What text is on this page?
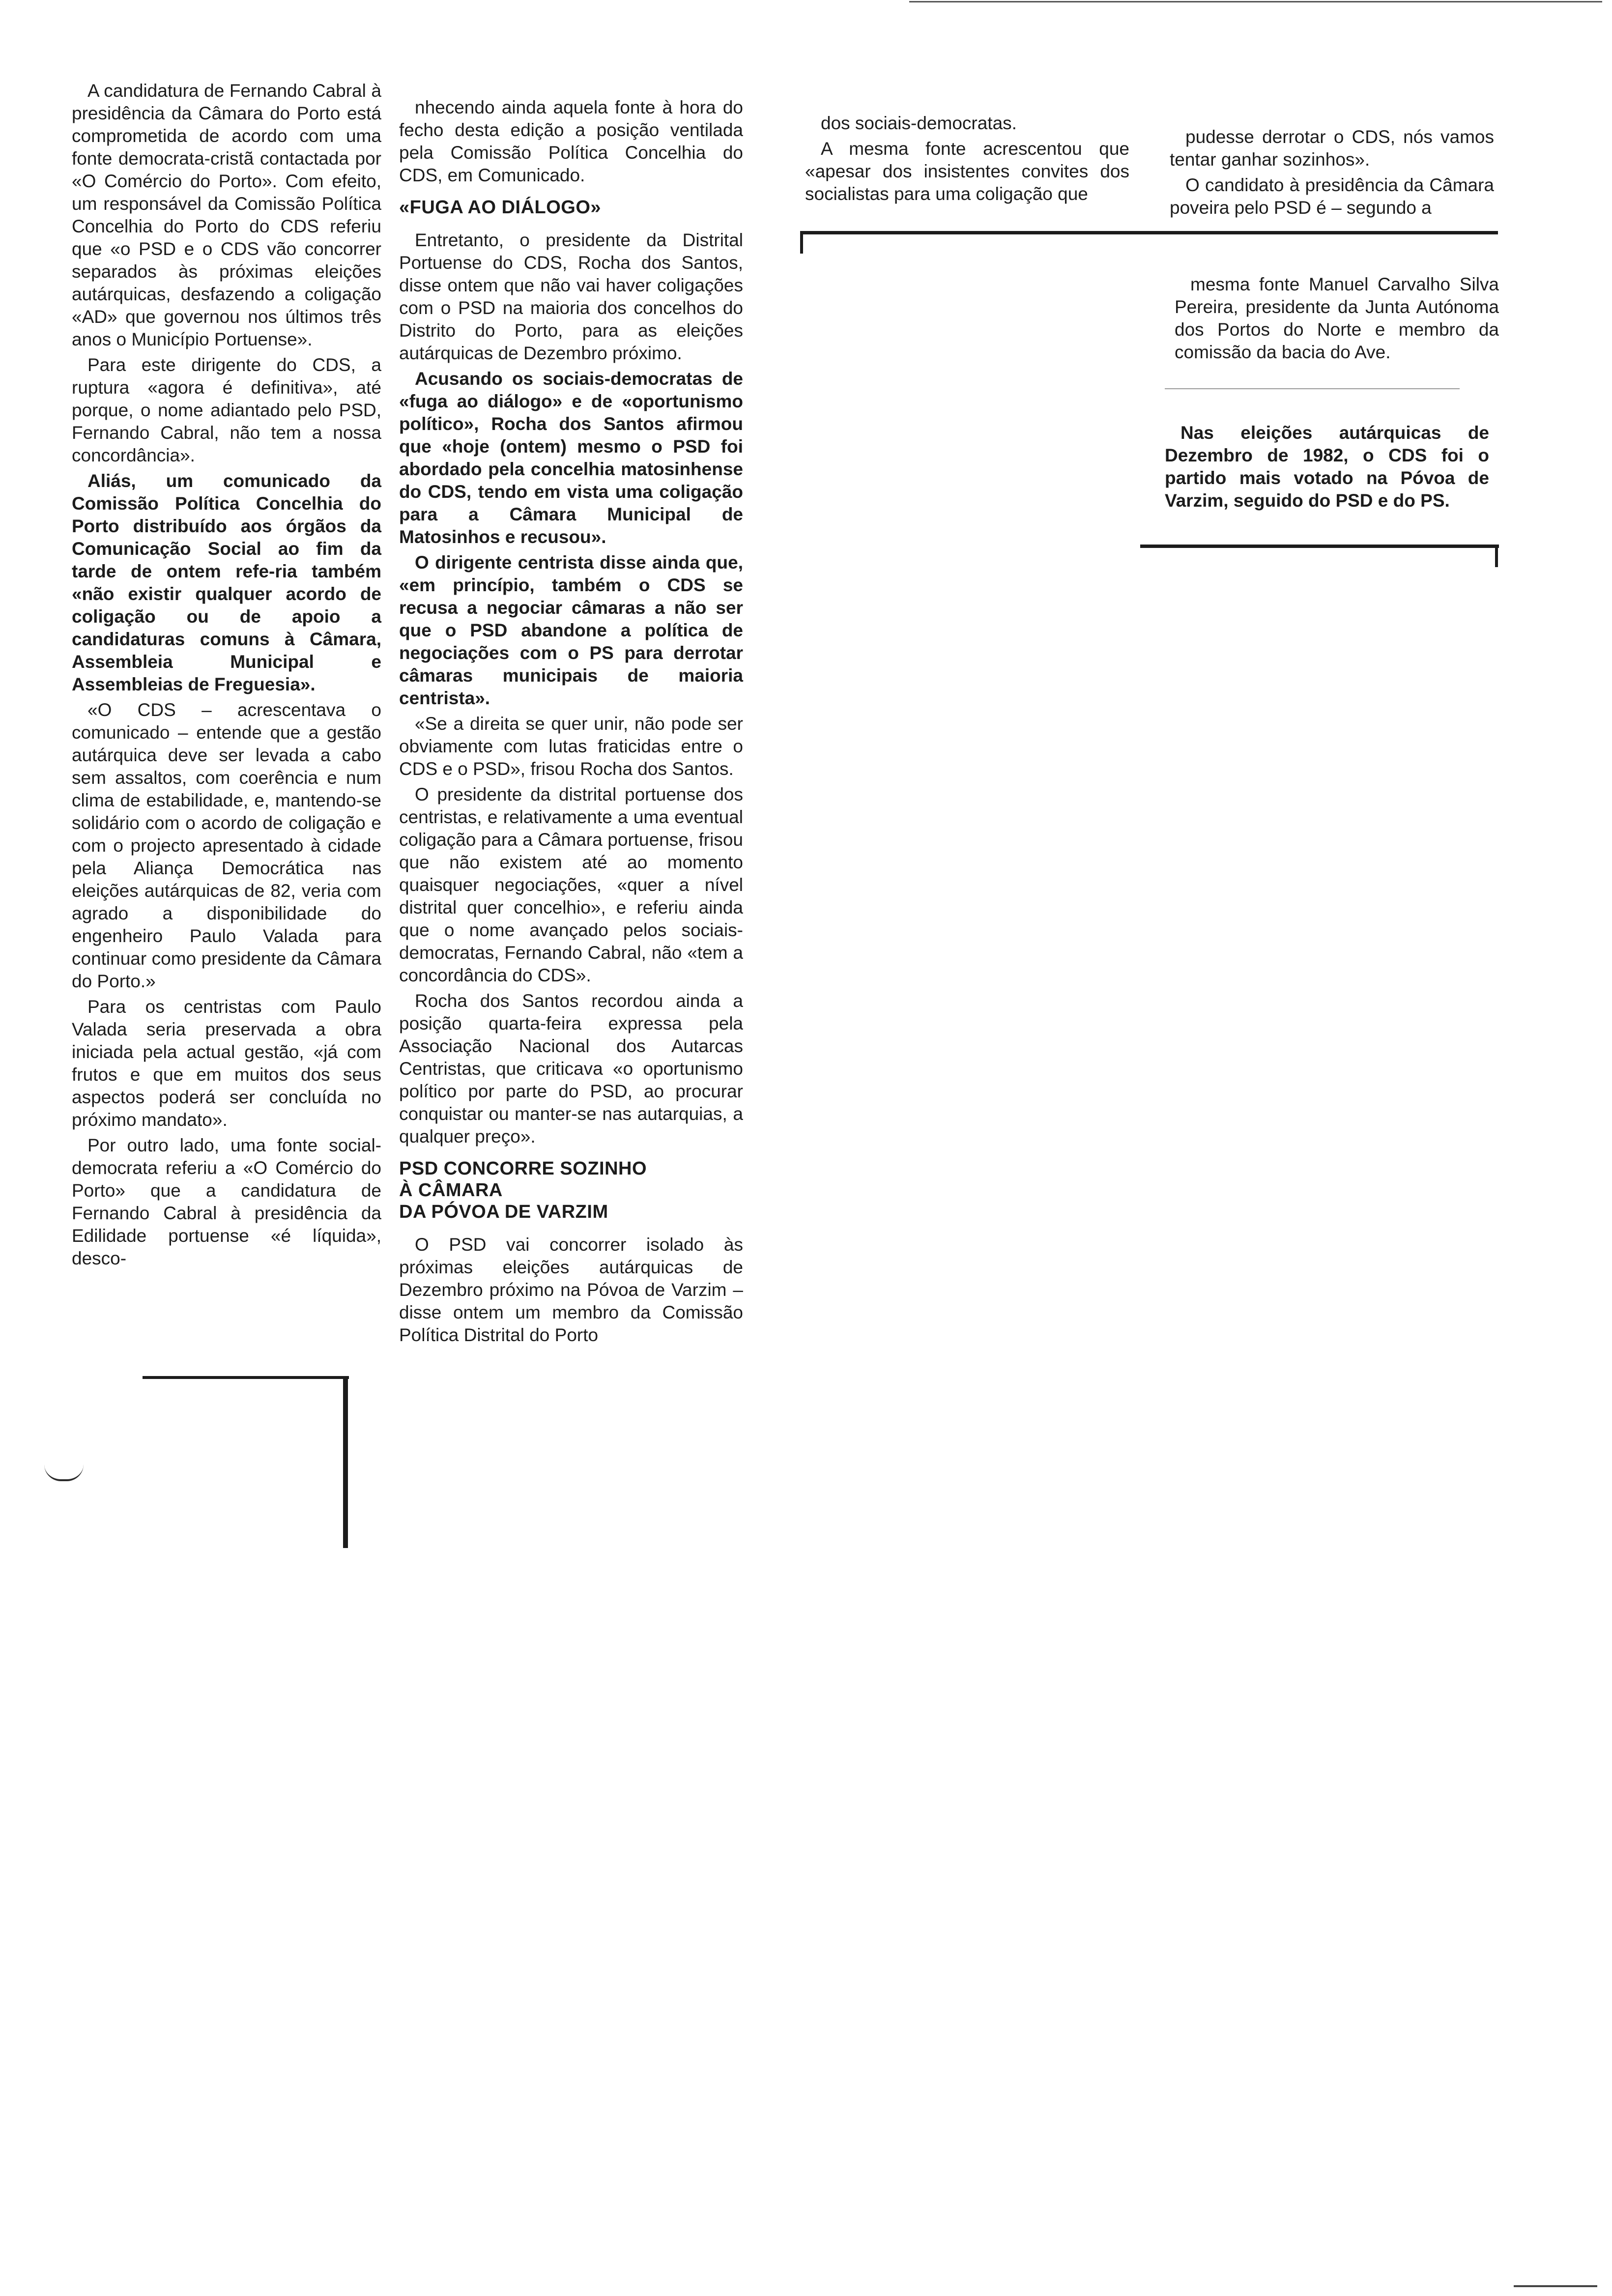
A candidatura de Fernando Cabral à presidência da Câmara do Porto está comprometida de acordo com uma fonte democrata-cristã contactada por «O Comércio do Porto». Com efeito, um responsável da Comissão Política Concelhia do Porto do CDS referiu que «o PSD e o CDS vão concorrer separados às próximas eleições autárquicas, desfazendo a coligação «AD» que governou nos últimos três anos o Município Portuense».

Para este dirigente do CDS, a ruptura «agora é definitiva», até porque, o nome adiantado pelo PSD, Fernando Cabral, não tem a nossa concordância».

Aliás, um comunicado da Comissão Política Concelhia do Porto distribuído aos órgãos da Comunicação Social ao fim da tarde de ontem refe-ria também «não existir qualquer acordo de coligação ou de apoio a candidaturas comuns à Câmara, Assembleia Municipal e Assembleias de Freguesia».

«O CDS – acrescentava o comunicado – entende que a gestão autárquica deve ser levada a cabo sem assaltos, com coerência e num clima de estabilidade, e, mantendo-se solidário com o acordo de coligação e com o projecto apresentado à cidade pela Aliança Democrática nas eleições autárquicas de 82, veria com agrado a disponibilidade do engenheiro Paulo Valada para continuar como presidente da Câmara do Porto.»

Para os centristas com Paulo Valada seria preservada a obra iniciada pela actual gestão, «já com frutos e que em muitos dos seus aspectos poderá ser concluída no próximo mandato».

Por outro lado, uma fonte social-democrata referiu a «O Comércio do Porto» que a candidatura de Fernando Cabral à presidência da Edilidade portuense «é líquida», desco-

nhecendo ainda aquela fonte à hora do fecho desta edição a posição ventilada pela Comissão Política Concelhia do CDS, em Comunicado.

«FUGA AO DIÁLOGO»

Entretanto, o presidente da Distrital Portuense do CDS, Rocha dos Santos, disse ontem que não vai haver coligações com o PSD na maioria dos concelhos do Distrito do Porto, para as eleições autárquicas de Dezembro próximo.

Acusando os sociais-democratas de «fuga ao diálogo» e de «oportunismo político», Rocha dos Santos afirmou que «hoje (ontem) mesmo o PSD foi abordado pela concelhia matosinhense do CDS, tendo em vista uma coligação para a Câmara Municipal de Matosinhos e recusou».

O dirigente centrista disse ainda que, «em princípio, também o CDS se recusa a negociar câmaras a não ser que o PSD abandone a política de negociações com o PS para derrotar câmaras municipais de maioria centrista».

«Se a direita se quer unir, não pode ser obviamente com lutas fraticidas entre o CDS e o PSD», frisou Rocha dos Santos.

O presidente da distrital portuense dos centristas, e relativamente a uma eventual coligação para a Câmara portuense, frisou que não existem até ao momento quaisquer negociações, «quer a nível distrital quer concelhio», e referiu ainda que o nome avançado pelos sociais-democratas, Fernando Cabral, não «tem a concordância do CDS».

Rocha dos Santos recordou ainda a posição quarta-feira expressa pela Associação Nacional dos Autarcas Centristas, que criticava «o oportunismo político por parte do PSD, ao procurar conquistar ou manter-se nas autarquias, a qualquer preço».

PSD CONCORRE SOZINHO
À CÂMARA
DA PÓVOA DE VARZIM

O PSD vai concorrer isolado às próximas eleições autárquicas de Dezembro próximo na Póvoa de Varzim – disse ontem um membro da Comissão Política Distrital do Porto

dos sociais-democratas.

A mesma fonte acrescentou que «apesar dos insistentes convites dos socialistas para uma coligação que

pudesse derrotar o CDS, nós vamos tentar ganhar sozinhos».

O candidato à presidência da Câmara poveira pelo PSD é – segundo a

mesma fonte Manuel Carvalho Silva Pereira, presidente da Junta Autónoma dos Portos do Norte e membro da comissão da bacia do Ave.

Nas eleições autárquicas de Dezembro de 1982, o CDS foi o partido mais votado na Póvoa de Varzim, seguido do PSD e do PS.
